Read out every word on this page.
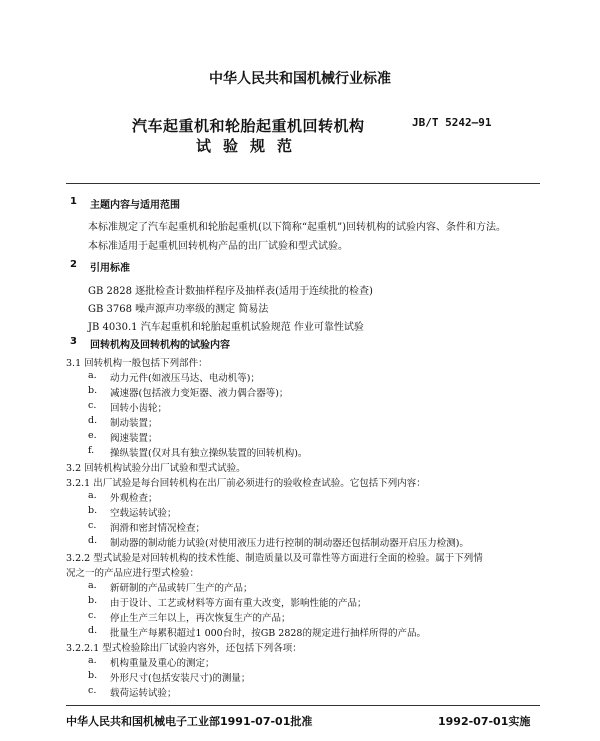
中华人民共和国机械行业标准
汽车起重机和轮胎起重机回转机构
试验规范
JB/T 5242—91
1 主题内容与适用范围
本标准规定了汽车起重机和轮胎起重机(以下简称“起重机”)回转机构的试验内容、条件和方法。
本标准适用于起重机回转机构产品的出厂试验和型式试验。
2 引用标准
GB 2828 逐批检查计数抽样程序及抽样表(适用于连续批的检查)
GB 3768 噪声源声功率级的测定 简易法
JB 4030.1 汽车起重机和轮胎起重机试验规范 作业可靠性试验
3 回转机构及回转机构的试验内容
中华人民共和国机械电子工业部1991-07-01批准	1992-07-01实施
3.1 回转机构一般包括下列部件：
a. 动力元件(如液压马达、电动机等)；
b. 减速器(包括液力变矩器、液力偶合器等)；
c. 回转小齿轮；
d. 制动装置；
e. 阀速装置；
f. 操纵装置(仅对具有独立操纵装置的回转机构)。
3.2 回转机构试验分出厂试验和型式试验。
3.2.1 出厂试验是每台回转机构在出厂前必须进行的验收检查试验。它包括下列内容：
a. 外观检查；
b. 空载运转试验；
c. 润滑和密封情况检查；
d. 制动器的制动能力试验(对使用液压力进行控制的制动器还包括制动器开启压力检测)。
3.2.2 型式试验是对回转机构的技术性能、制造质量以及可靠性等方面进行全面的检验。属于下列情
况之一的产品应进行型式检验：
a. 新研制的产品或转厂生产的产品；
b. 由于设计、工艺或材料等方面有重大改变，影响性能的产品；
c. 停止生产三年以上，再次恢复生产的产品；
d. 批量生产每累积超过1 000台时，按GB 2828的规定进行抽样所得的产品。
3.2.2.1 型式检验除出厂试验内容外，还包括下列各项：
a. 机构重量及重心的测定；
b. 外形尺寸(包括安装尺寸)的测量；
c. 载荷运转试验；
